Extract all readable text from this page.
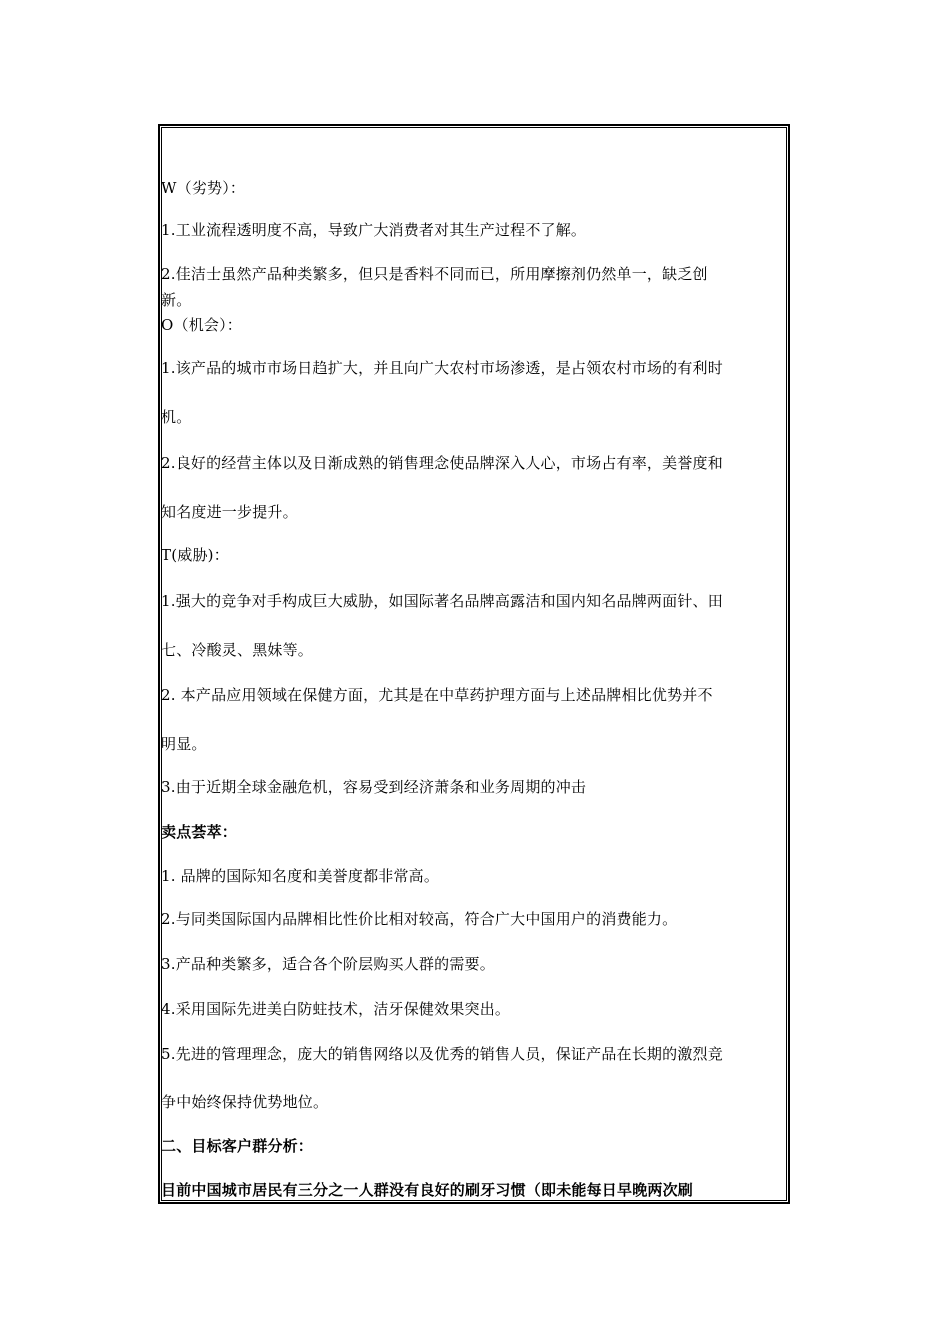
W（劣势）：
1.工业流程透明度不高，导致广大消费者对其生产过程不了解。
2.佳洁士虽然产品种类繁多，但只是香料不同而已，所用摩擦剂仍然单一，缺乏创
新。
O（机会）：
1.该产品的城市市场日趋扩大，并且向广大农村市场渗透，是占领农村市场的有利时
机。
2.良好的经营主体以及日渐成熟的销售理念使品牌深入人心，市场占有率，美誉度和
知名度进一步提升。
T(威胁)：
1.强大的竞争对手构成巨大威胁，如国际著名品牌高露洁和国内知名品牌两面针、田
七、冷酸灵、黑妹等。
2. 本产品应用领域在保健方面，尤其是在中草药护理方面与上述品牌相比优势并不
明显。
3.由于近期全球金融危机，容易受到经济萧条和业务周期的冲击
卖点荟萃：
1. 品牌的国际知名度和美誉度都非常高。
2.与同类国际国内品牌相比性价比相对较高，符合广大中国用户的消费能力。
3.产品种类繁多，适合各个阶层购买人群的需要。
4.采用国际先进美白防蛀技术，洁牙保健效果突出。
5.先进的管理理念，庞大的销售网络以及优秀的销售人员，保证产品在长期的激烈竞
争中始终保持优势地位。
二、目标客户群分析：
目前中国城市居民有三分之一人群没有良好的刷牙习惯（即未能每日早晚两次刷
